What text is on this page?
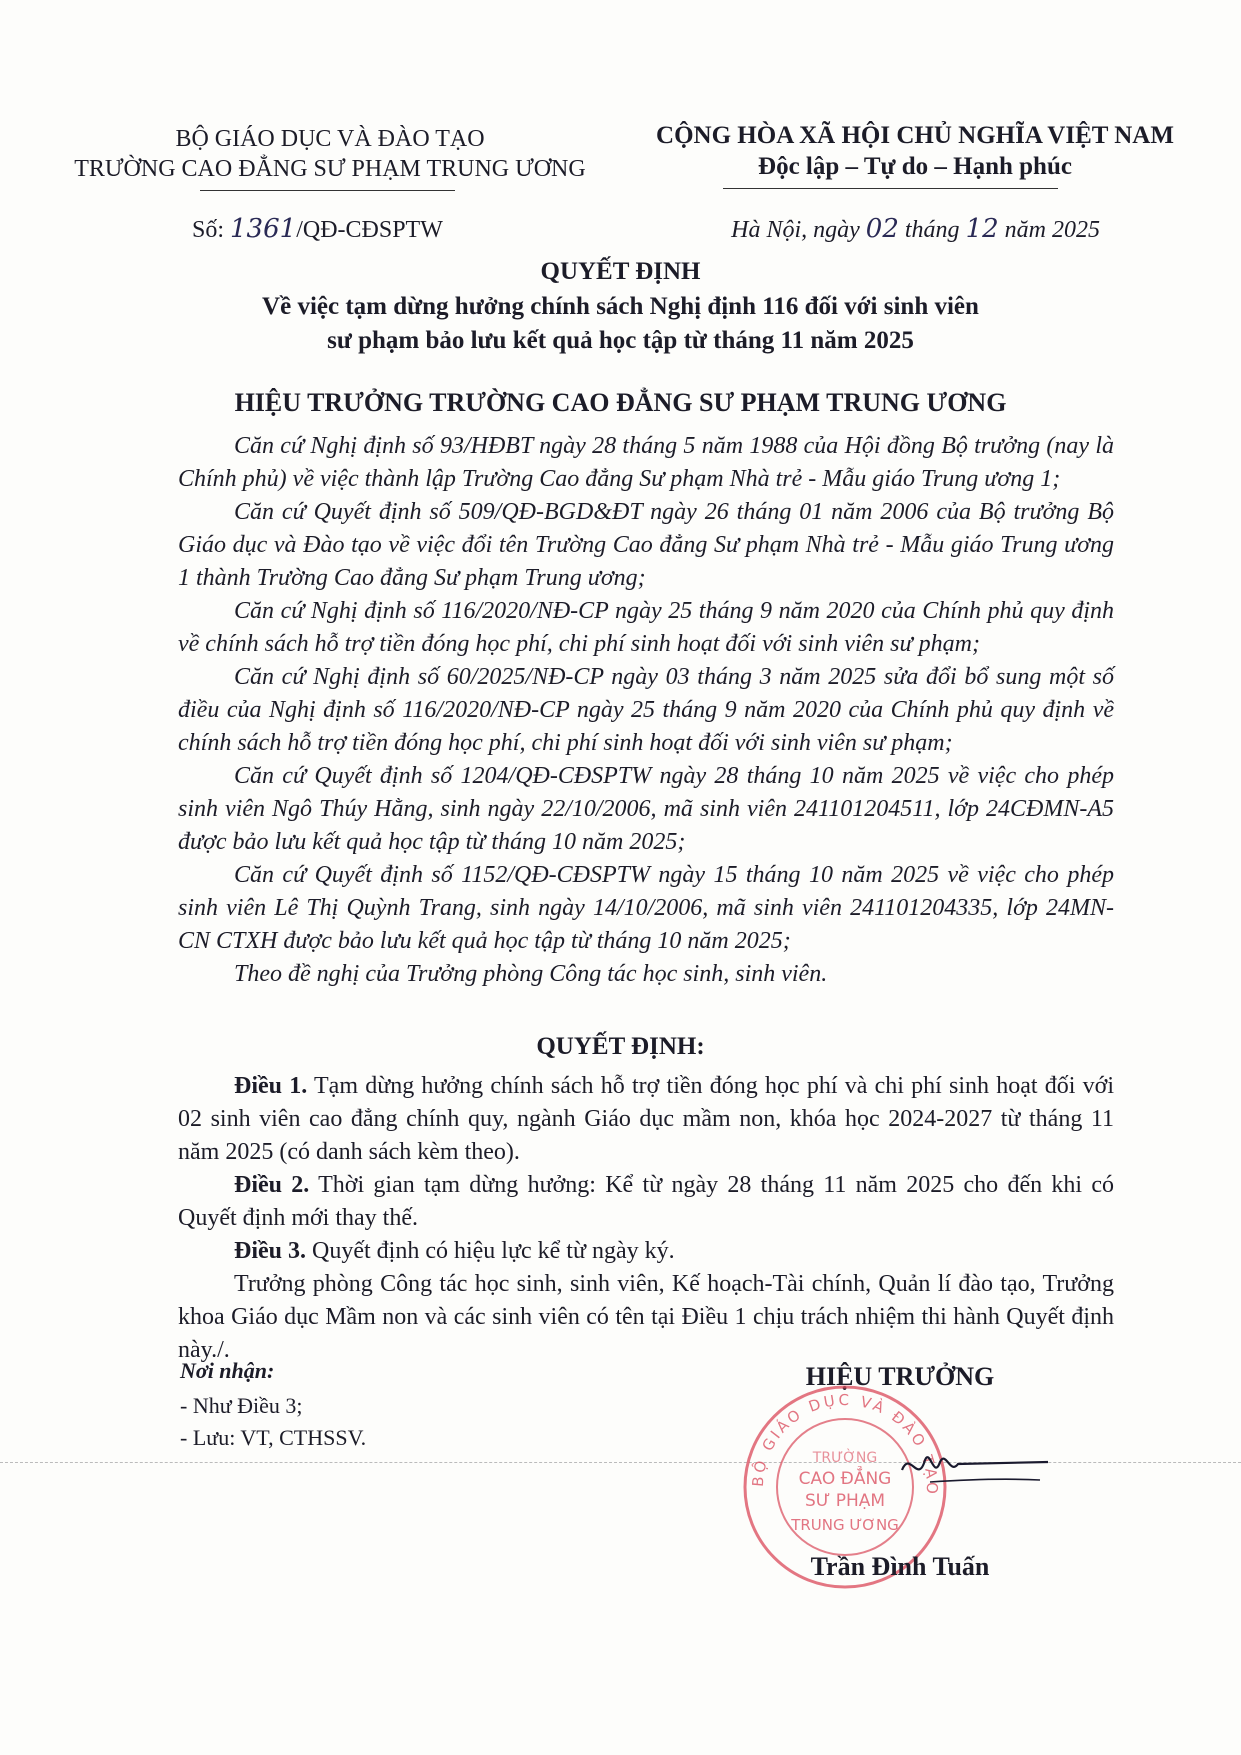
BỘ GIÁO DỤC VÀ ĐÀO TẠO
TRƯỜNG CAO ĐẲNG SƯ PHẠM TRUNG ƯƠNG
CỘNG HÒA XÃ HỘI CHỦ NGHĨA VIỆT NAM
Độc lập – Tự do – Hạnh phúc
Số: 1361/QĐ-CĐSPTW	Hà Nội, ngày 02 tháng 12 năm 2025
QUYẾT ĐỊNH
Về việc tạm dừng hưởng chính sách Nghị định 116 đối với sinh viên
sư phạm bảo lưu kết quả học tập từ tháng 11 năm 2025
HIỆU TRƯỞNG TRƯỜNG CAO ĐẲNG SƯ PHẠM TRUNG ƯƠNG

Căn cứ Nghị định số 93/HĐBT ngày 28 tháng 5 năm 1988 của Hội đồng Bộ trưởng (nay là Chính phủ) về việc thành lập Trường Cao đẳng Sư phạm Nhà trẻ - Mẫu giáo Trung ương 1;

Căn cứ Quyết định số 509/QĐ-BGD&ĐT ngày 26 tháng 01 năm 2006 của Bộ trưởng Bộ Giáo dục và Đào tạo về việc đổi tên Trường Cao đẳng Sư phạm Nhà trẻ - Mẫu giáo Trung ương 1 thành Trường Cao đẳng Sư phạm Trung ương;

Căn cứ Nghị định số 116/2020/NĐ-CP ngày 25 tháng 9 năm 2020 của Chính phủ quy định về chính sách hỗ trợ tiền đóng học phí, chi phí sinh hoạt đối với sinh viên sư phạm;

Căn cứ Nghị định số 60/2025/NĐ-CP ngày 03 tháng 3 năm 2025 sửa đổi bổ sung một số điều của Nghị định số 116/2020/NĐ-CP ngày 25 tháng 9 năm 2020 của Chính phủ quy định về chính sách hỗ trợ tiền đóng học phí, chi phí sinh hoạt đối với sinh viên sư phạm;

Căn cứ Quyết định số 1204/QĐ-CĐSPTW ngày 28 tháng 10 năm 2025 về việc cho phép sinh viên Ngô Thúy Hằng, sinh ngày 22/10/2006, mã sinh viên 241101204511, lớp 24CĐMN-A5 được bảo lưu kết quả học tập từ tháng 10 năm 2025;

Căn cứ Quyết định số 1152/QĐ-CĐSPTW ngày 15 tháng 10 năm 2025 về việc cho phép sinh viên Lê Thị Quỳnh Trang, sinh ngày 14/10/2006, mã sinh viên 241101204335, lớp 24MN-CN CTXH được bảo lưu kết quả học tập từ tháng 10 năm 2025;

Theo đề nghị của Trưởng phòng Công tác học sinh, sinh viên.

QUYẾT ĐỊNH:

Điều 1. Tạm dừng hưởng chính sách hỗ trợ tiền đóng học phí và chi phí sinh hoạt đối với 02 sinh viên cao đẳng chính quy, ngành Giáo dục mầm non, khóa học 2024-2027 từ tháng 11 năm 2025 (có danh sách kèm theo).

Điều 2. Thời gian tạm dừng hưởng: Kể từ ngày 28 tháng 11 năm 2025 cho đến khi có Quyết định mới thay thế.

Điều 3. Quyết định có hiệu lực kể từ ngày ký.

Trưởng phòng Công tác học sinh, sinh viên, Kế hoạch-Tài chính, Quản lí đào tạo, Trưởng khoa Giáo dục Mầm non và các sinh viên có tên tại Điều 1 chịu trách nhiệm thi hành Quyết định này./.

Nơi nhận:
- Như Điều 3;
- Lưu: VT, CTHSSV.
HIỆU TRƯỞNG
BỘ GIÁO DỤC VÀ ĐÀO TẠO
TRƯỜNG
CAO ĐẲNG
SƯ PHẠM
TRUNG ƯƠNG
Trần Đình Tuấn
